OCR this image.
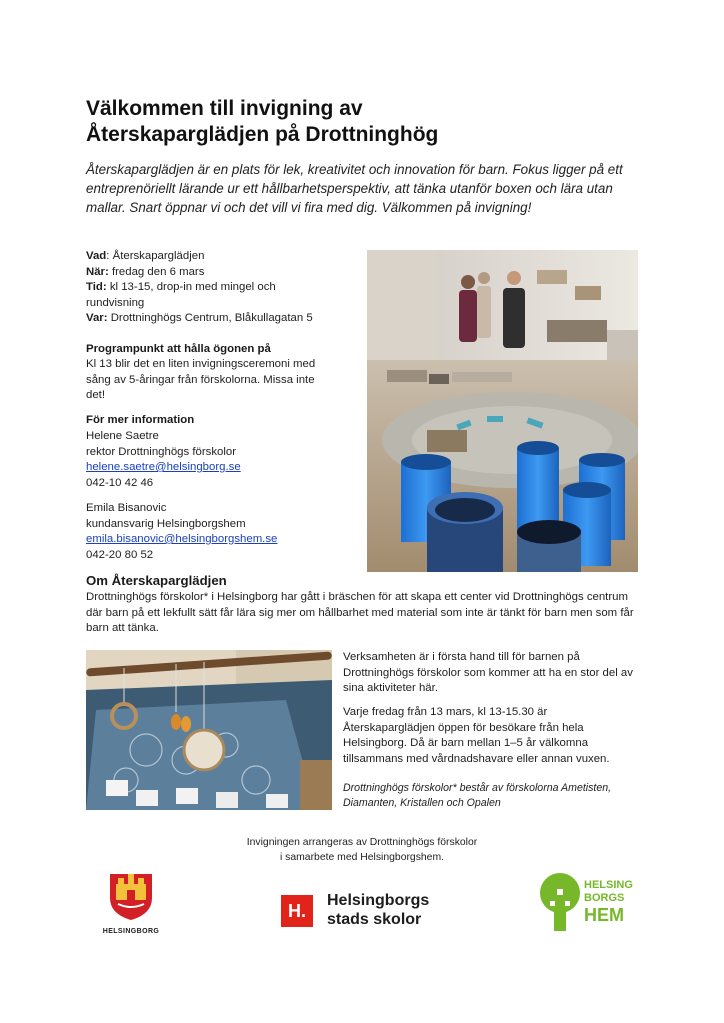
Välkommen till invigning av
Återskaparglädjen på Drottninghög
Återskaparglädjen är en plats för lek, kreativitet och innovation för barn. Fokus ligger på ett entreprenöriellt lärande ur ett hållbarhetsperspektiv, att tänka utanför boxen och lära utan mallar. Snart öppnar vi och det vill vi fira med dig. Välkommen på invigning!
Vad: Återskaparglädjen
När: fredag den 6 mars
Tid: kl 13-15, drop-in med mingel och rundvisning
Var: Drottninghögs Centrum, Blåkullagatan 5
Programpunkt att hålla ögonen på
Kl 13 blir det en liten invigningsceremoni med sång av 5-åringar från förskolorna. Missa inte det!
För mer information
Helene Saetre
rektor Drottninghögs förskolor
helene.saetre@helsingborg.se
042-10 42 46
Emila Bisanovic
kundansvarig Helsingborgshem
emila.bisanovic@helsingborgshem.se
042-20 80 52
Om Återskaparglädjen
Drottninghögs förskolor* i Helsingborg har gått i bräschen för att skapa ett center vid Drottninghögs centrum där barn på ett lekfullt sätt får lära sig mer om hållbarhet med material som inte är tänkt för barn men som får barn att tänka.
Verksamheten är i första hand till för barnen på Drottninghögs förskolor som kommer att ha en stor del av sina aktiviteter här.
Varje fredag från 13 mars, kl 13-15.30 är Återskaparglädjen öppen för besökare från hela Helsingborg. Då är barn mellan 1–5 år välkomna tillsammans med vårdnadshavare eller annan vuxen.
Drottninghögs förskolor* består av förskolorna Ametisten, Diamanten, Kristallen och Opalen
Invigningen arrangeras av Drottninghögs förskolor
i samarbete med Helsingborgshem.
HELSINGBORG
H.
Helsingborgs
stads skolor
HELSING
BORGS
HEM
